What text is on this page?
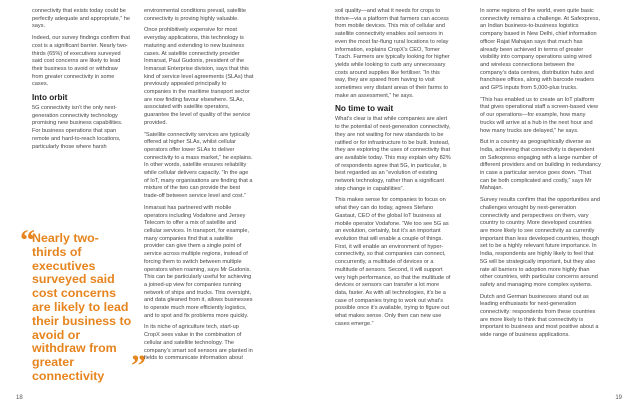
connectivity that exists today could be perfectly adequate and appropriate,” he says.

Indeed, our survey findings confirm that cost is a significant barrier. Nearly two-thirds (65%) of executives surveyed said cost concerns are likely to lead their business to avoid or withdraw from greater connectivity in some cases.

Into orbit

5G connectivity isn’t the only next-generation connectivity technology promising new business capabilities. For business operations that span remote and hard-to-reach locations, particularly those where harsh

“
Nearly two-thirds of executives surveyed said cost concerns are likely to lead their business to avoid or withdraw from greater connectivity ”

environmental conditions prevail, satellite connectivity is proving highly valuable.

Once prohibitively expensive for most everyday applications, this technology is maturing and extending to new business cases. At satellite connectivity provider Inmarsat, Paul Gudonis, president of the Inmarsat Enterprise division, says that this kind of service level agreements (SLAs) that previously appealed principally to companies in the maritime transport sector are now finding favour elsewhere. SLAs, associated with satellite operators, guarantee the level of quality of the service provided.

“Satellite connectivity services are typically offered at higher SLAs, whilst cellular operators offer lower SLAs to deliver connectivity to a mass market,” he explains. In other words, satellite ensures reliability while cellular delivers capacity. “In the age of IoT, many organisations are finding that a mixture of the two can provide the best trade-off between service level and cost.”

Inmarsat has partnered with mobile operators including Vodafone and Jersey Telecom to offer a mix of satellite and cellular services. In transport, for example, many companies find that a satellite provider can give them a single point of service across multiple regions, instead of forcing them to switch between multiple operators when roaming, says Mr Gudonis. This can be particularly useful for achieving a joined-up view for companies running network of ships and trucks. This oversight, and data gleaned from it, allows businesses to operate much more efficiently logistics, and to spot and fix problems more quickly.

In its niche of agriculture tech, start-up CropX sees value in the combination of cellular and satellite technology. The company’s smart soil sensors are planted in fields to communicate information about

soil quality—and what it needs for crops to thrive—via a platform that farmers can access from mobile devices. This mix of cellular and satellite connectivity enables soil sensors in even the most far-flung rural locations to relay information, explains CropX’s CEO, Tomer Tzach. Farmers are typically looking for higher yields while looking to curb any unnecessary costs around supplies like fertiliser. “In this way, they are spared from having to visit sometimes very distant areas of their farms to make an assessment,” he says.

No time to wait

What’s clear is that while companies are alert to the potential of next-generation connectivity, they are not waiting for new standards to be ratified or for infrastructure to be built. Instead, they are exploring the uses of connectivity that are available today. This may explain why 82% of respondents agree that 5G, in particular, is best regarded as an “evolution of existing network technology, rather than a significant step change in capabilities”.

This makes sense for companies to focus on what they can do today, agrees Stefano Gastaut, CEO of the global IoT business at mobile operator Vodafone. “We too see 5G as an evolution, certainly, but it’s an important evolution that will enable a couple of things. First, it will enable an environment of hyper-connectivity, so that companies can connect, concurrently, a multitude of devices or a multitude of sensors. Second, it will support very high performance, so that the multitude of devices or sensors can transfer a lot more data, faster. As with all technologies, it’s be a case of companies trying to work out what’s possible once it’s available, trying to figure out what makes sense. Only then can new use cases emerge.”

In some regions of the world, even quite basic connectivity remains a challenge. At Safexpress, an Indian business-to-business logistics company based in New Delhi, chief information officer Rajat Mahajan says that much has already been achieved in terms of greater visibility into company operations using wired and wireless connections between the company’s data centres, distribution hubs and franchisee offices, along with barcode readers and GPS inputs from 5,000-plus trucks.

“This has enabled us to create an IoT platform that gives operational staff a screen-based view of our operations—for example, how many trucks will arrive at a hub in the next hour and how many trucks are delayed,” he says.

But in a country as geographically diverse as India, achieving that connectivity is dependent on Safexpress engaging with a large number of different providers and on building in redundancy in case a particular service goes down. “That can be both complicated and costly,” says Mr Mahajan.

Survey results confirm that the opportunities and challenges wrought by next-generation connectivity and perspectives on them, vary country to country. More developed countries are more likely to see connectivity as currently important than less developed countries, though set to be a highly relevant future importance. In India, respondents are highly likely to feel that 5G will be strategically important, but they also rate all barriers to adoption more highly than other countries, with particular concerns around safety and managing more complex systems.

Dutch and German businesses stand out as leading enthusiasts for next-generation connectivity: respondents from these countries are more likely to think that connectivity is important to business and most positive about a wide range of business applications.

18	19
